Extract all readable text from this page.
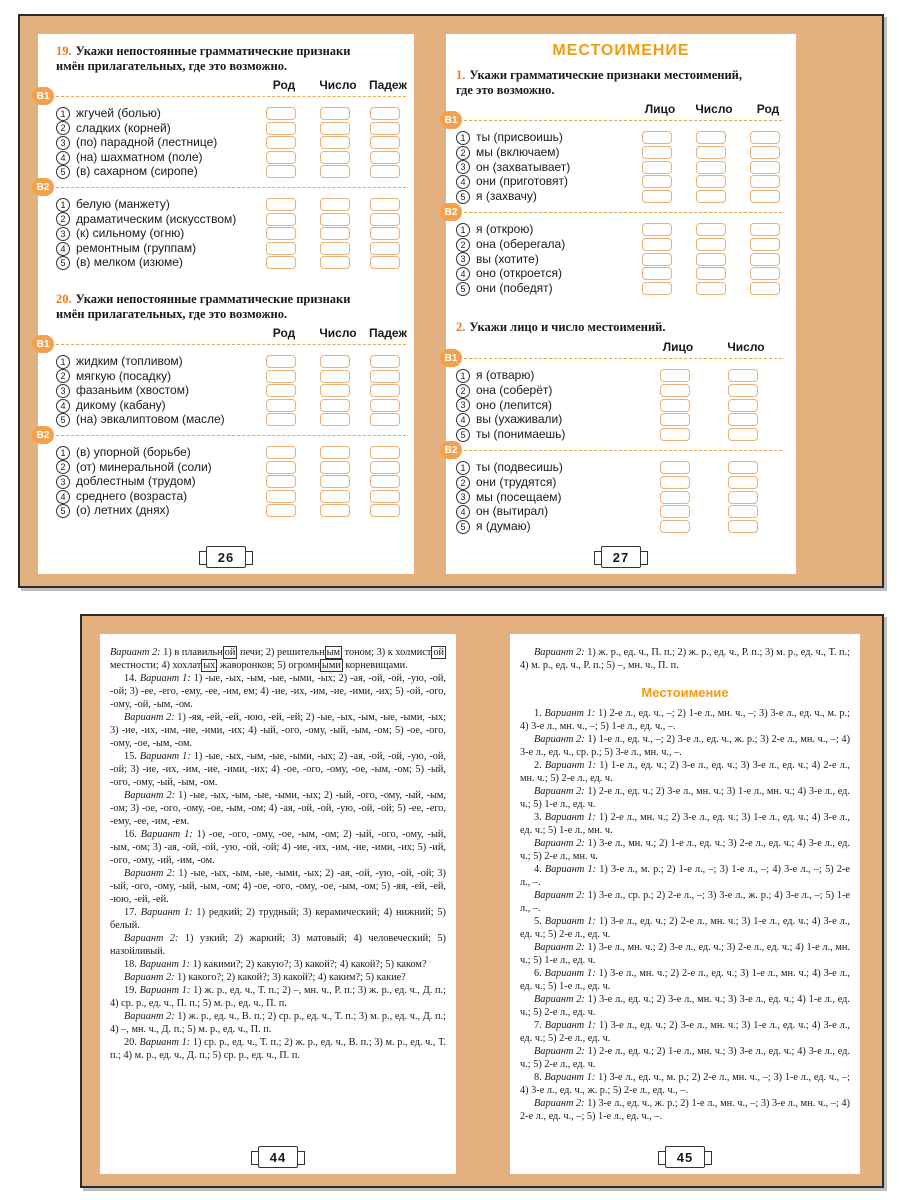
26
19. Укажи непостоянные грамматические признаки
имён прилагательных, где это возможно.
Род	Число	Падеж
В1
1 жгучей (болью)
2 сладких (корней)
3 (по) парадной (лестнице)
4 (на) шахматном (поле)
5 (в) сахарном (сиропе)
В2
1 белую (манжету)
2 драматическим (искусством)
3 (к) сильному (огню)
4 ремонтным (группам)
5 (в) мелком (изюме)
20. Укажи непостоянные грамматические признаки
имён прилагательных, где это возможно.
Род	Число	Падеж
В1
1 жидким (топливом)
2 мягкую (посадку)
3 фазаньим (хвостом)
4 дикому (кабану)
5 (на) эвкалиптовом (масле)
В2
1 (в) упорной (борьбе)
2 (от) минеральной (соли)
3 доблестным (трудом)
4 среднего (возраста)
5 (о) летних (днях)
МЕСТОИМЕНИЕ
27
1. Укажи грамматические признаки местоимений,
где это возможно.
Лицо	Число	Род
В1
1 ты (присвоишь)
2 мы (включаем)
3 он (захватывает)
4 они (приготовят)
5 я (захвачу)
В2
1 я (открою)
2 она (оберегала)
3 вы (хотите)
4 оно (откроется)
5 они (победят)
2. Укажи лицо и число местоимений.
Лицо	Число
В1
1 я (отварю)
2 она (соберёт)
3 оно (лепится)
4 вы (ухаживали)
5 ты (понимаешь)
В2
1 ты (подвесишь)
2 они (трудятся)
3 мы (посещаем)
4 он (вытирал)
5 я (думаю)

Вариант 2: 1) в плавильн ой печи; 2) решительн ым тоном; 3) к холмист ой местности; 4) хохлат ых жаворонков; 5) огромн ыми корневищами.

14. Вариант 1: 1) -ые, -ых, -ым, -ые, -ыми, -ых; 2) -ая, -ой, -ой, -ую, -ой, -ой; 3) -ее, -его, -ему, -ее, -им, ем; 4) -ие, -их, -им, -ие, -ими, -их; 5) -ой, -ого, -ому, -ой, -ым, -ом.

Вариант 2: 1) -яя, -ей, -ей, -юю, -ей, -ей; 2) -ые, -ых, -ым, -ые, -ыми, -ых; 3) -ие, -их, -им, -ие, -ими, -их; 4) -ый, -ого, -ому, -ый, -ым, -ом; 5) -ое, -ого, -ому, -ое, -ым, -ом.

15. Вариант 1: 1) -ые, -ых, -ым, -ые, -ыми, -ых; 2) -ая, -ой, -ой, -ую, -ой, -ой; 3) -ие, -их, -им, -ие, -ими, -их; 4) -ое, -ого, -ому, -ое, -ым, -ом; 5) -ый, -ого, -ому, -ый, -ым, -ом.

Вариант 2: 1) -ые, -ых, -ым, -ые, -ыми, -ых; 2) -ый, -ого, -ому, -ый, -ым, -ом; 3) -ое, -ого, -ому, -ое, -ым, -ом; 4) -ая, -ой, -ой, -ую, -ой, -ой; 5) -ее, -его, -ему, -ее, -им, -ем.

16. Вариант 1: 1) -ое, -ого, -ому, -ое, -ым, -ом; 2) -ый, -ого, -ому, -ый, -ым, -ом; 3) -ая, -ой, -ой, -ую, -ой, -ой; 4) -ие, -их, -им, -ие, -ими, -их; 5) -ий, -ого, -ому, -ий, -им, -ом.

Вариант 2: 1) -ые, -ых, -ым, -ые, -ыми, -ых; 2) -ая, -ой, -ую, -ой, -ой; 3) -ый, -ого, -ому, -ый, -ым, -ом; 4) -ое, -ого, -ому, -ое, -ым, -ом; 5) -яя, -ей, -ей, -юю, -ей, -ей.

17. Вариант 1: 1) редкий; 2) трудный; 3) керамический; 4) нижний; 5) белый.

Вариант 2: 1) узкий; 2) жаркий; 3) матовый; 4) человеческий; 5) назойливый.

18. Вариант 1: 1) какими?; 2) какую?; 3) какой?; 4) какой?; 5) каком?

Вариант 2: 1) какого?; 2) какой?; 3) какой?; 4) каким?; 5) какие?

19. Вариант 1: 1) ж. р., ед. ч., Т. п.; 2) –, мн. ч., Р. п.; 3) ж. р., ед. ч., Д. п.; 4) ср. р., ед. ч., П. п.; 5) м. р., ед. ч., П. п.

Вариант 2: 1) ж. р., ед. ч., В. п.; 2) ср. р., ед. ч., Т. п.; 3) м. р., ед. ч., Д. п.; 4) –, мн. ч., Д. п.; 5) м. р., ед. ч., П. п.

20. Вариант 1: 1) ср. р., ед. ч., Т. п.; 2) ж. р., ед. ч., В. п.; 3) м. р., ед. ч., Т. п.; 4) м. р., ед. ч., Д. п.; 5) ср. р., ед. ч., П. п.

44

Вариант 2: 1) ж. р., ед. ч., П. п.; 2) ж. р., ед. ч., Р. п.; 3) м. р., ед. ч., Т. п.; 4) м. р., ед. ч., Р. п.; 5) –, мн. ч., П. п.

Местоимение

1. Вариант 1: 1) 2-е л., ед. ч., –; 2) 1-е л., мн. ч., –; 3) 3-е л., ед. ч., м. р.; 4) 3-е л., мн. ч., –; 5) 1-е л., ед. ч., –.

Вариант 2: 1) 1-е л., ед. ч., –; 2) 3-е л., ед. ч., ж. р.; 3) 2-е л., мн. ч., –; 4) 3-е л., ед. ч., ср. р.; 5) 3-е л., мн. ч., –.

2. Вариант 1: 1) 1-е л., ед. ч.; 2) 3-е л., ед. ч.; 3) 3-е л., ед. ч.; 4) 2-е л., мн. ч.; 5) 2-е л., ед. ч.

Вариант 2: 1) 2-е л., ед. ч.; 2) 3-е л., мн. ч.; 3) 1-е л., мн. ч.; 4) 3-е л., ед. ч.; 5) 1-е л., ед. ч.

3. Вариант 1: 1) 2-е л., мн. ч.; 2) 3-е л., ед. ч.; 3) 1-е л., ед. ч.; 4) 3-е л., ед. ч.; 5) 1-е л., мн. ч.

Вариант 2: 1) 3-е л., мн. ч.; 2) 1-е л., ед. ч.; 3) 2-е л., ед. ч.; 4) 3-е л., ед. ч.; 5) 2-е л., мн. ч.

4. Вариант 1: 1) 3-е л., м. р.; 2) 1-е л., –; 3) 1-е л., –; 4) 3-е л., –; 5) 2-е л., –.

Вариант 2: 1) 3-е л., ср. р.; 2) 2-е л., –; 3) 3-е л., ж. р.; 4) 3-е л., –; 5) 1-е л., –.

5. Вариант 1: 1) 3-е л., ед. ч.; 2) 2-е л., мн. ч.; 3) 1-е л., ед. ч.; 4) 3-е л., ед. ч.; 5) 2-е л., ед. ч.

Вариант 2: 1) 3-е л., мн. ч.; 2) 3-е л., ед. ч.; 3) 2-е л., ед. ч.; 4) 1-е л., мн. ч.; 5) 1-е л., ед. ч.

6. Вариант 1: 1) 3-е л., мн. ч.; 2) 2-е л., ед. ч.; 3) 1-е л., мн. ч.; 4) 3-е л., ед. ч.; 5) 1-е л., ед. ч.

Вариант 2: 1) 3-е л., ед. ч.; 2) 3-е л., мн. ч.; 3) 3-е л., ед. ч.; 4) 1-е л., ед. ч.; 5) 2-е л., ед. ч.

7. Вариант 1: 1) 3-е л., ед. ч.; 2) 3-е л., мн. ч.; 3) 1-е л., ед. ч.; 4) 3-е л., ед. ч.; 5) 2-е л., ед. ч.

Вариант 2: 1) 2-е л., ед. ч.; 2) 1-е л., мн. ч.; 3) 3-е л., ед. ч.; 4) 3-е л., ед. ч.; 5) 2-е л., ед. ч.

8. Вариант 1: 1) 3-е л., ед. ч., м. р.; 2) 2-е л., мн. ч., –; 3) 1-е л., ед. ч., –; 4) 3-е л., ед. ч., ж. р.; 5) 2-е л., ед. ч., –.

Вариант 2: 1) 3-е л., ед. ч., ж. р.; 2) 1-е л., мн. ч., –; 3) 3-е л., мн. ч., –; 4) 2-е л., ед. ч., –; 5) 1-е л., ед. ч., –.

45
